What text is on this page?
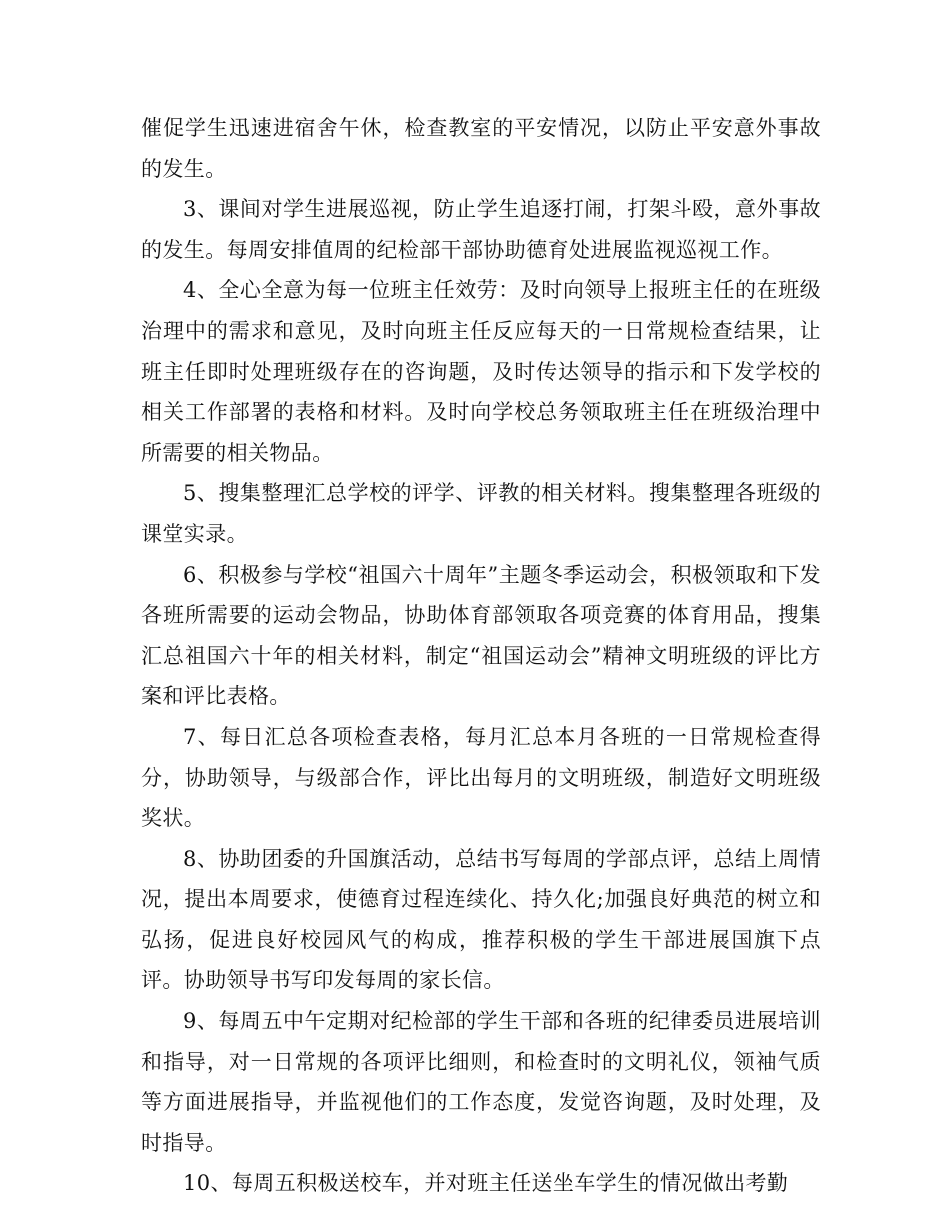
催促学生迅速进宿舍午休，检查教室的平安情况，以防止平安意外事故的发生。

3、课间对学生进展巡视，防止学生追逐打闹，打架斗殴，意外事故的发生。每周安排值周的纪检部干部协助德育处进展监视巡视工作。

4、全心全意为每一位班主任效劳：及时向领导上报班主任的在班级治理中的需求和意见，及时向班主任反应每天的一日常规检查结果，让班主任即时处理班级存在的咨询题，及时传达领导的指示和下发学校的相关工作部署的表格和材料。及时向学校总务领取班主任在班级治理中所需要的相关物品。

5、搜集整理汇总学校的评学、评教的相关材料。搜集整理各班级的课堂实录。

6、积极参与学校“祖国六十周年”主题冬季运动会，积极领取和下发各班所需要的运动会物品，协助体育部领取各项竞赛的体育用品，搜集汇总祖国六十年的相关材料，制定“祖国运动会”精神文明班级的评比方案和评比表格。

7、每日汇总各项检查表格，每月汇总本月各班的一日常规检查得分，协助领导，与级部合作，评比出每月的文明班级，制造好文明班级奖状。

8、协助团委的升国旗活动，总结书写每周的学部点评，总结上周情况，提出本周要求，使德育过程连续化、持久化;加强良好典范的树立和弘扬，促进良好校园风气的构成，推荐积极的学生干部进展国旗下点评。协助领导书写印发每周的家长信。

9、每周五中午定期对纪检部的学生干部和各班的纪律委员进展培训和指导，对一日常规的各项评比细则，和检查时的文明礼仪，领袖气质等方面进展指导，并监视他们的工作态度，发觉咨询题，及时处理，及时指导。

10、每周五积极送校车，并对班主任送坐车学生的情况做出考勤
